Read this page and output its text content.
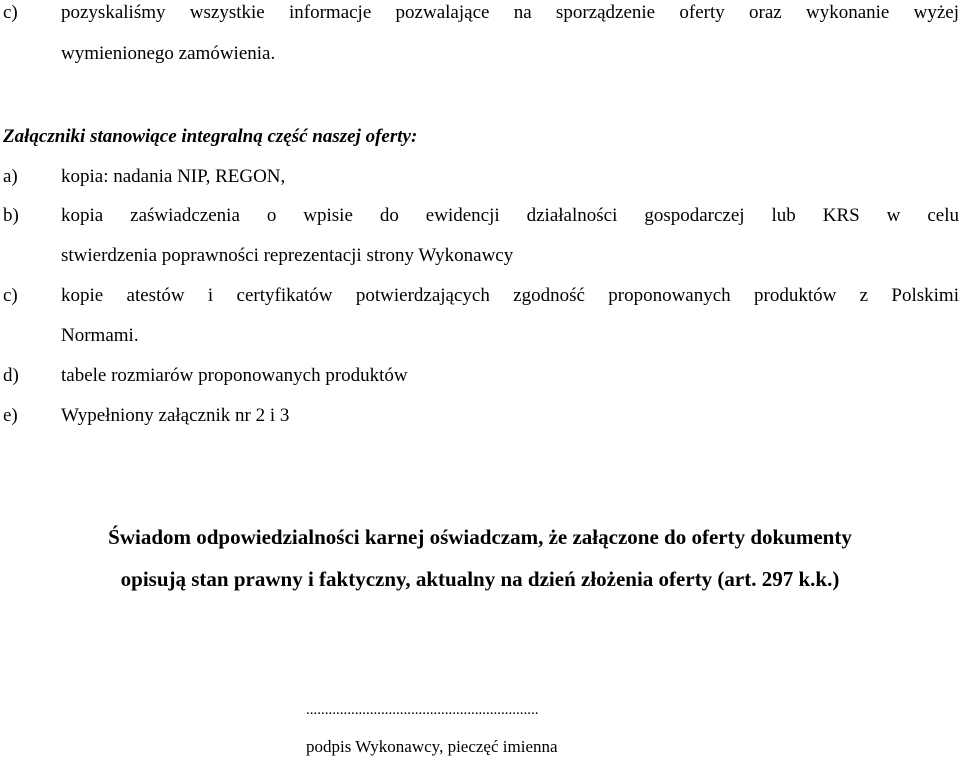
c) pozyskaliśmy wszystkie informacje pozwalające na sporządzenie oferty oraz wykonanie wyżej
wymienionego zamówienia.
Załączniki stanowiące integralną część naszej oferty:
a) kopia: nadania NIP, REGON,
b) kopia zaświadczenia o wpisie do ewidencji działalności gospodarczej lub KRS w celu
stwierdzenia poprawności reprezentacji strony Wykonawcy
c) kopie atestów i certyfikatów potwierdzających zgodność proponowanych produktów z Polskimi
Normami.
d) tabele rozmiarów proponowanych produktów
e) Wypełniony załącznik nr 2 i 3
Świadom odpowiedzialności karnej oświadczam, że załączone do oferty dokumenty
opisują stan prawny i faktyczny, aktualny na dzień złożenia oferty (art. 297 k.k.)
..............................................................
podpis Wykonawcy, pieczęć imienna
